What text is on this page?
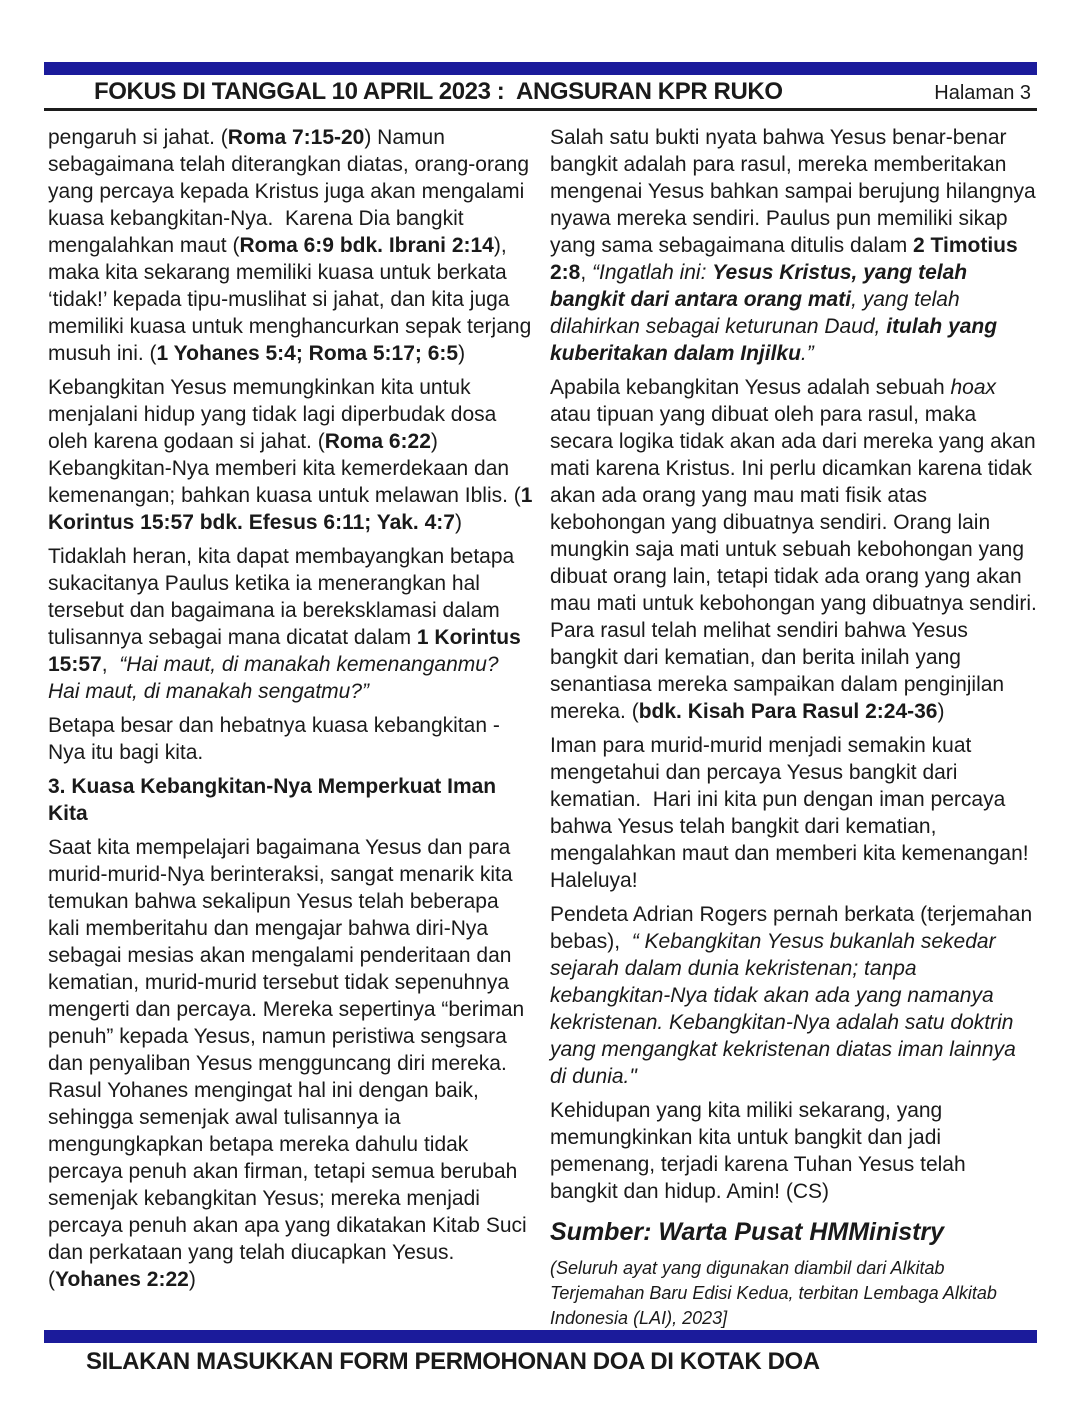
FOKUS DI TANGGAL 10 APRIL 2023 :  ANGSURAN KPR RUKO	Halaman 3
pengaruh si jahat. (Roma 7:15-20) Namun sebagaimana telah diterangkan diatas, orang-orang yang percaya kepada Kristus juga akan mengalami kuasa kebangkitan-Nya.  Karena Dia bangkit mengalahkan maut (Roma 6:9 bdk. Ibrani 2:14), maka kita sekarang memiliki kuasa untuk berkata ‘tidak!’ kepada tipu-muslihat si jahat, dan kita juga memiliki kuasa untuk menghancurkan sepak terjang musuh ini. (1 Yohanes 5:4; Roma 5:17; 6:5)
Kebangkitan Yesus memungkinkan kita untuk menjalani hidup yang tidak lagi diperbudak dosa oleh karena godaan si jahat. (Roma 6:22) Kebangkitan-Nya memberi kita kemerdekaan dan kemenangan; bahkan kuasa untuk melawan Iblis. (1 Korintus 15:57 bdk. Efesus 6:11; Yak. 4:7)
Tidaklah heran, kita dapat membayangkan betapa sukacitanya Paulus ketika ia menerangkan hal tersebut dan bagaimana ia bereksklamasi dalam tulisannya sebagai mana dicatat dalam 1 Korintus 15:57,  “Hai maut, di manakah kemenanganmu?  Hai maut, di manakah sengatmu?”
Betapa besar dan hebatnya kuasa kebangkitan -Nya itu bagi kita.
3. Kuasa Kebangkitan-Nya Memperkuat Iman Kita
Saat kita mempelajari bagaimana Yesus dan para murid-murid-Nya berinteraksi, sangat menarik kita temukan bahwa sekalipun Yesus telah beberapa kali memberitahu dan mengajar bahwa diri-Nya sebagai mesias akan mengalami penderitaan dan kematian, murid-murid tersebut tidak sepenuhnya mengerti dan percaya. Mereka sepertinya “beriman penuh” kepada Yesus, namun peristiwa sengsara dan penyaliban Yesus mengguncang diri mereka. Rasul Yohanes mengingat hal ini dengan baik, sehingga semenjak awal tulisannya ia mengungkapkan betapa mereka dahulu tidak percaya penuh akan firman, tetapi semua berubah semenjak kebangkitan Yesus; mereka menjadi percaya penuh akan apa yang dikatakan Kitab Suci dan perkataan yang telah diucapkan Yesus. (Yohanes 2:22)
Salah satu bukti nyata bahwa Yesus benar-benar bangkit adalah para rasul, mereka memberitakan mengenai Yesus bahkan sampai berujung hilangnya nyawa mereka sendiri. Paulus pun memiliki sikap yang sama sebagaimana ditulis dalam 2 Timotius 2:8, “Ingatlah ini: Yesus Kristus, yang telah bangkit dari antara orang mati, yang telah dilahirkan sebagai keturunan Daud, itulah yang kuberitakan dalam Injilku.”
Apabila kebangkitan Yesus adalah sebuah hoax atau tipuan yang dibuat oleh para rasul, maka secara logika tidak akan ada dari mereka yang akan mati karena Kristus. Ini perlu dicamkan karena tidak akan ada orang yang mau mati fisik atas kebohongan yang dibuatnya sendiri. Orang lain mungkin saja mati untuk sebuah kebohongan yang dibuat orang lain, tetapi tidak ada orang yang akan mau mati untuk kebohongan yang dibuatnya sendiri. Para rasul telah melihat sendiri bahwa Yesus bangkit dari kematian, dan berita inilah yang senantiasa mereka sampaikan dalam penginjilan mereka. (bdk. Kisah Para Rasul 2:24-36)
Iman para murid-murid menjadi semakin kuat mengetahui dan percaya Yesus bangkit dari kematian.  Hari ini kita pun dengan iman percaya bahwa Yesus telah bangkit dari kematian, mengalahkan maut dan memberi kita kemenangan! Haleluya!
Pendeta Adrian Rogers pernah berkata (terjemahan bebas),  “ Kebangkitan Yesus bukanlah sekedar sejarah dalam dunia kekristenan; tanpa kebangkitan-Nya tidak akan ada yang namanya kekristenan. Kebangkitan-Nya adalah satu doktrin yang mengangkat kekristenan diatas iman lainnya di dunia."
Kehidupan yang kita miliki sekarang, yang memungkinkan kita untuk bangkit dan jadi pemenang, terjadi karena Tuhan Yesus telah bangkit dan hidup. Amin! (CS)
Sumber: Warta Pusat HMMinistry
(Seluruh ayat yang digunakan diambil dari Alkitab Terjemahan Baru Edisi Kedua, terbitan Lembaga Alkitab Indonesia (LAI), 2023]
SILAKAN MASUKKAN FORM PERMOHONAN DOA DI KOTAK DOA
